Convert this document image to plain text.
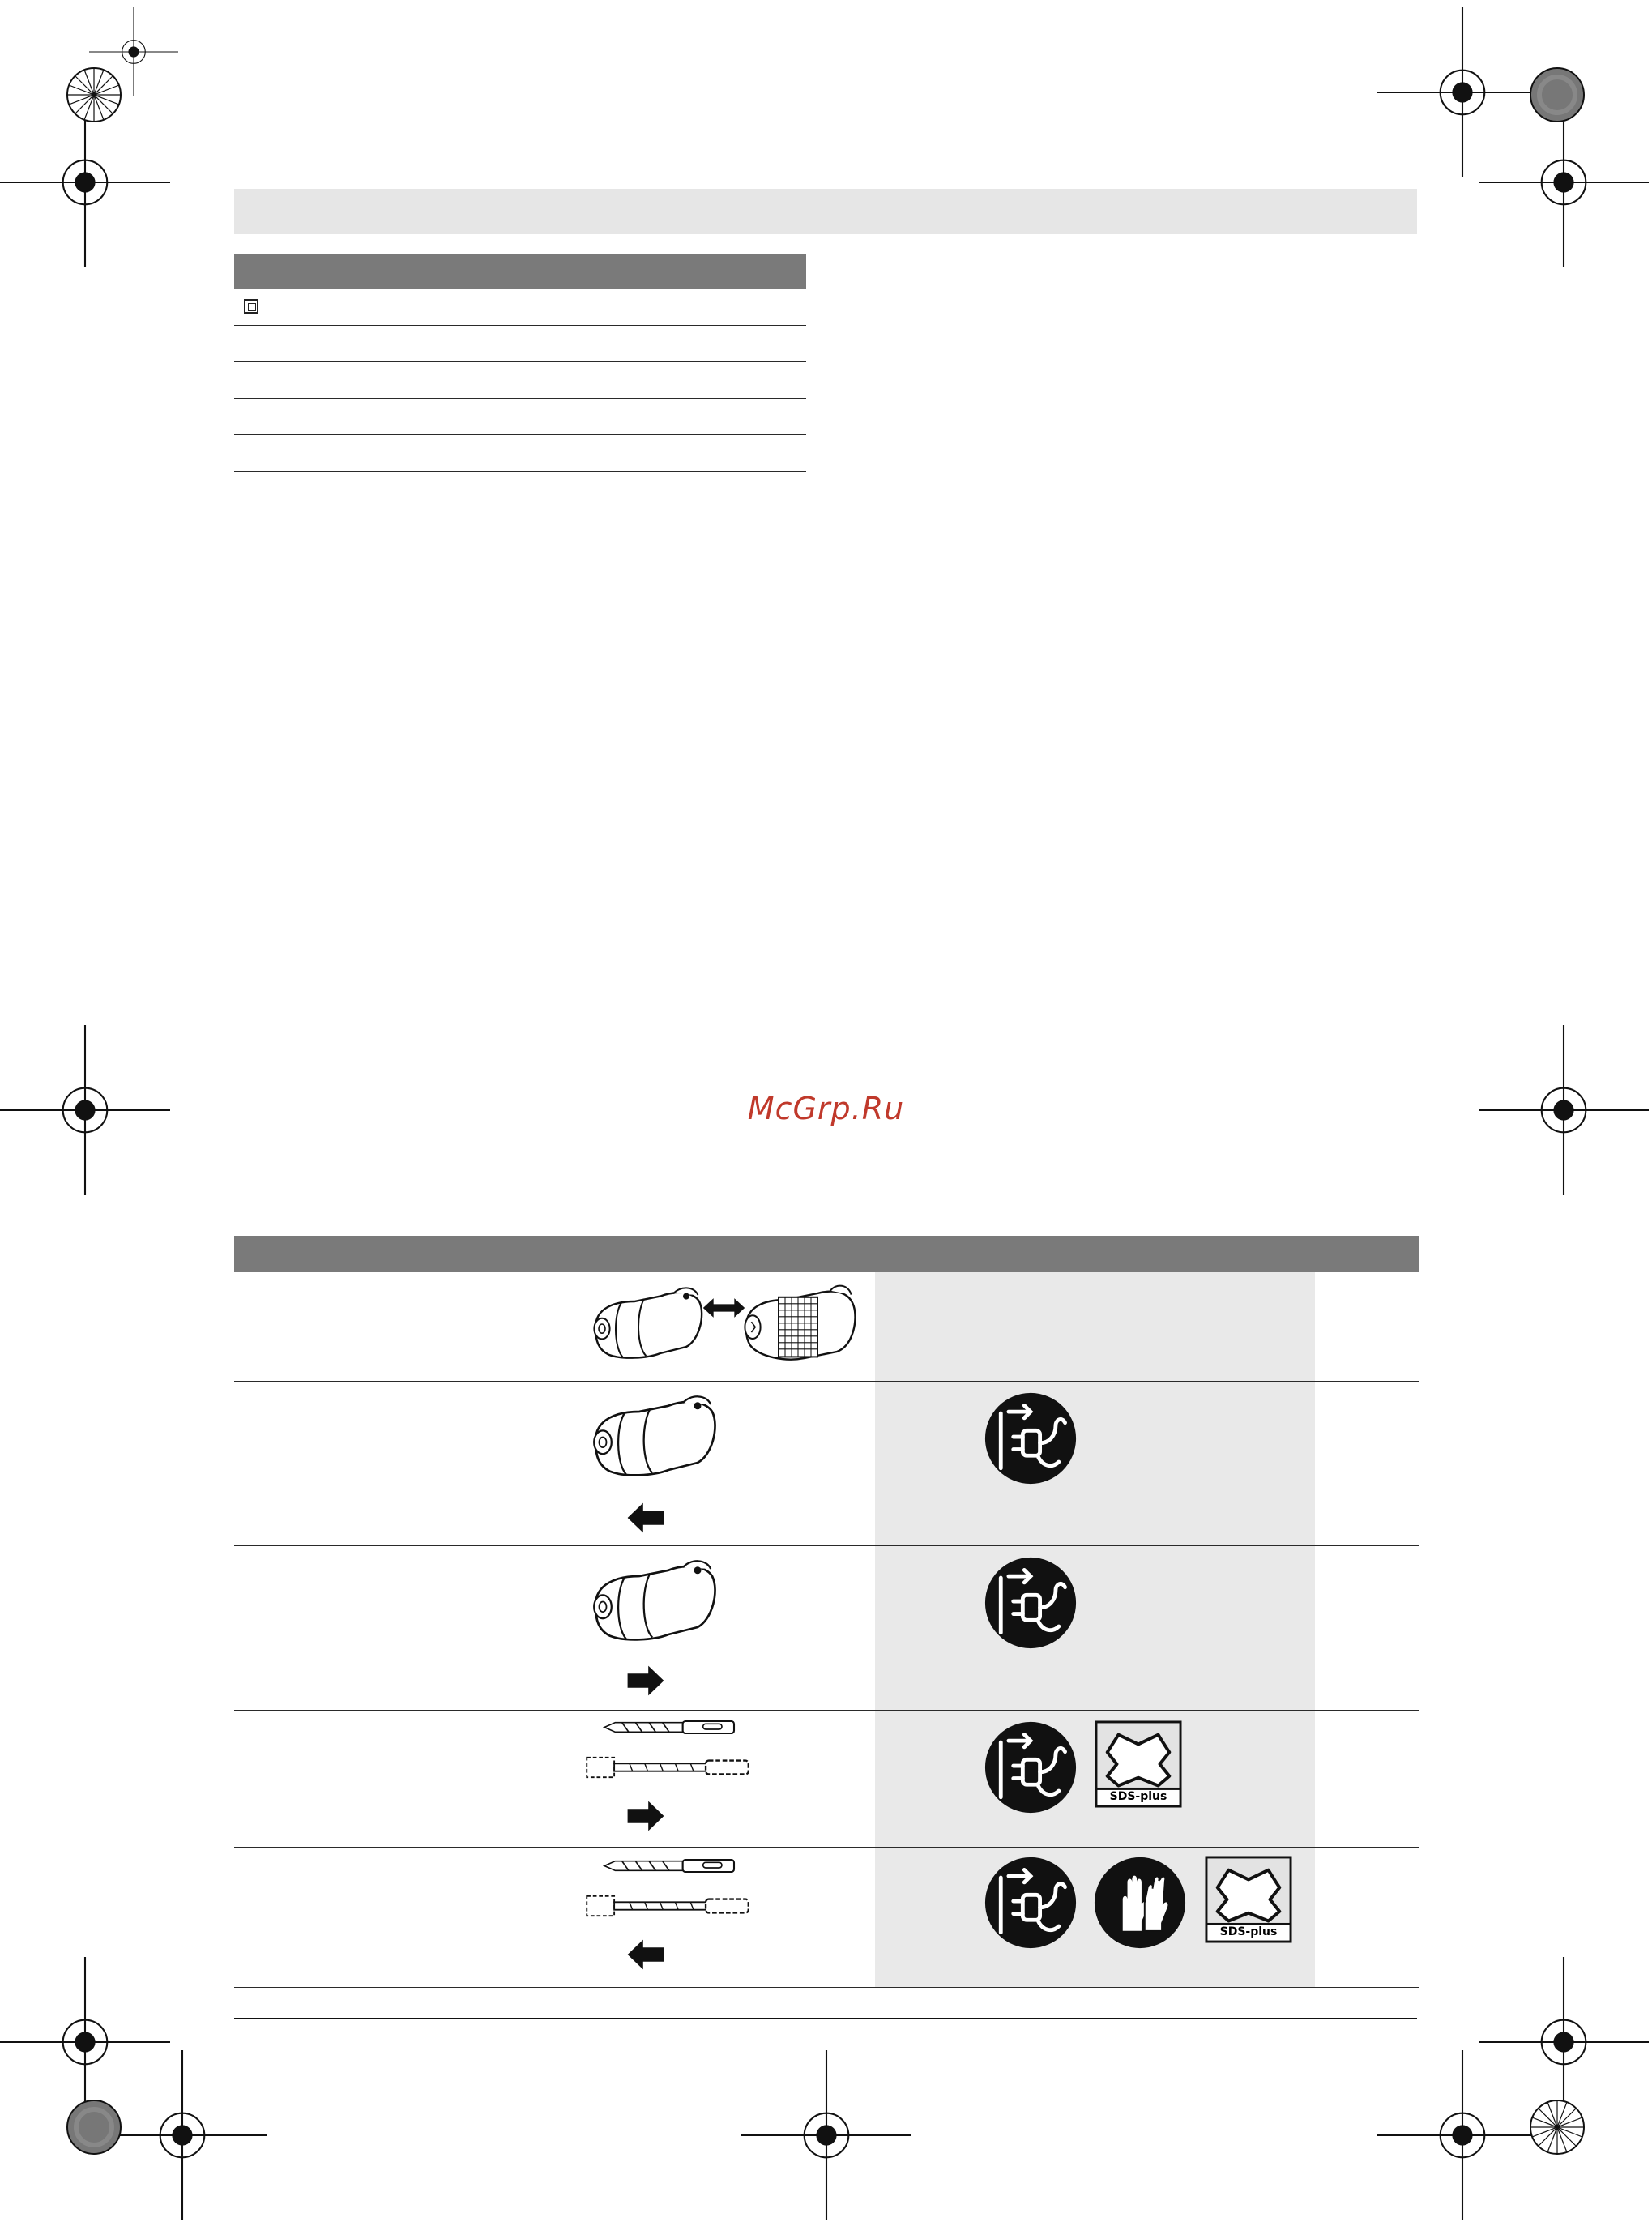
McGrp.Ru
SDS-plus
SDS-plus
